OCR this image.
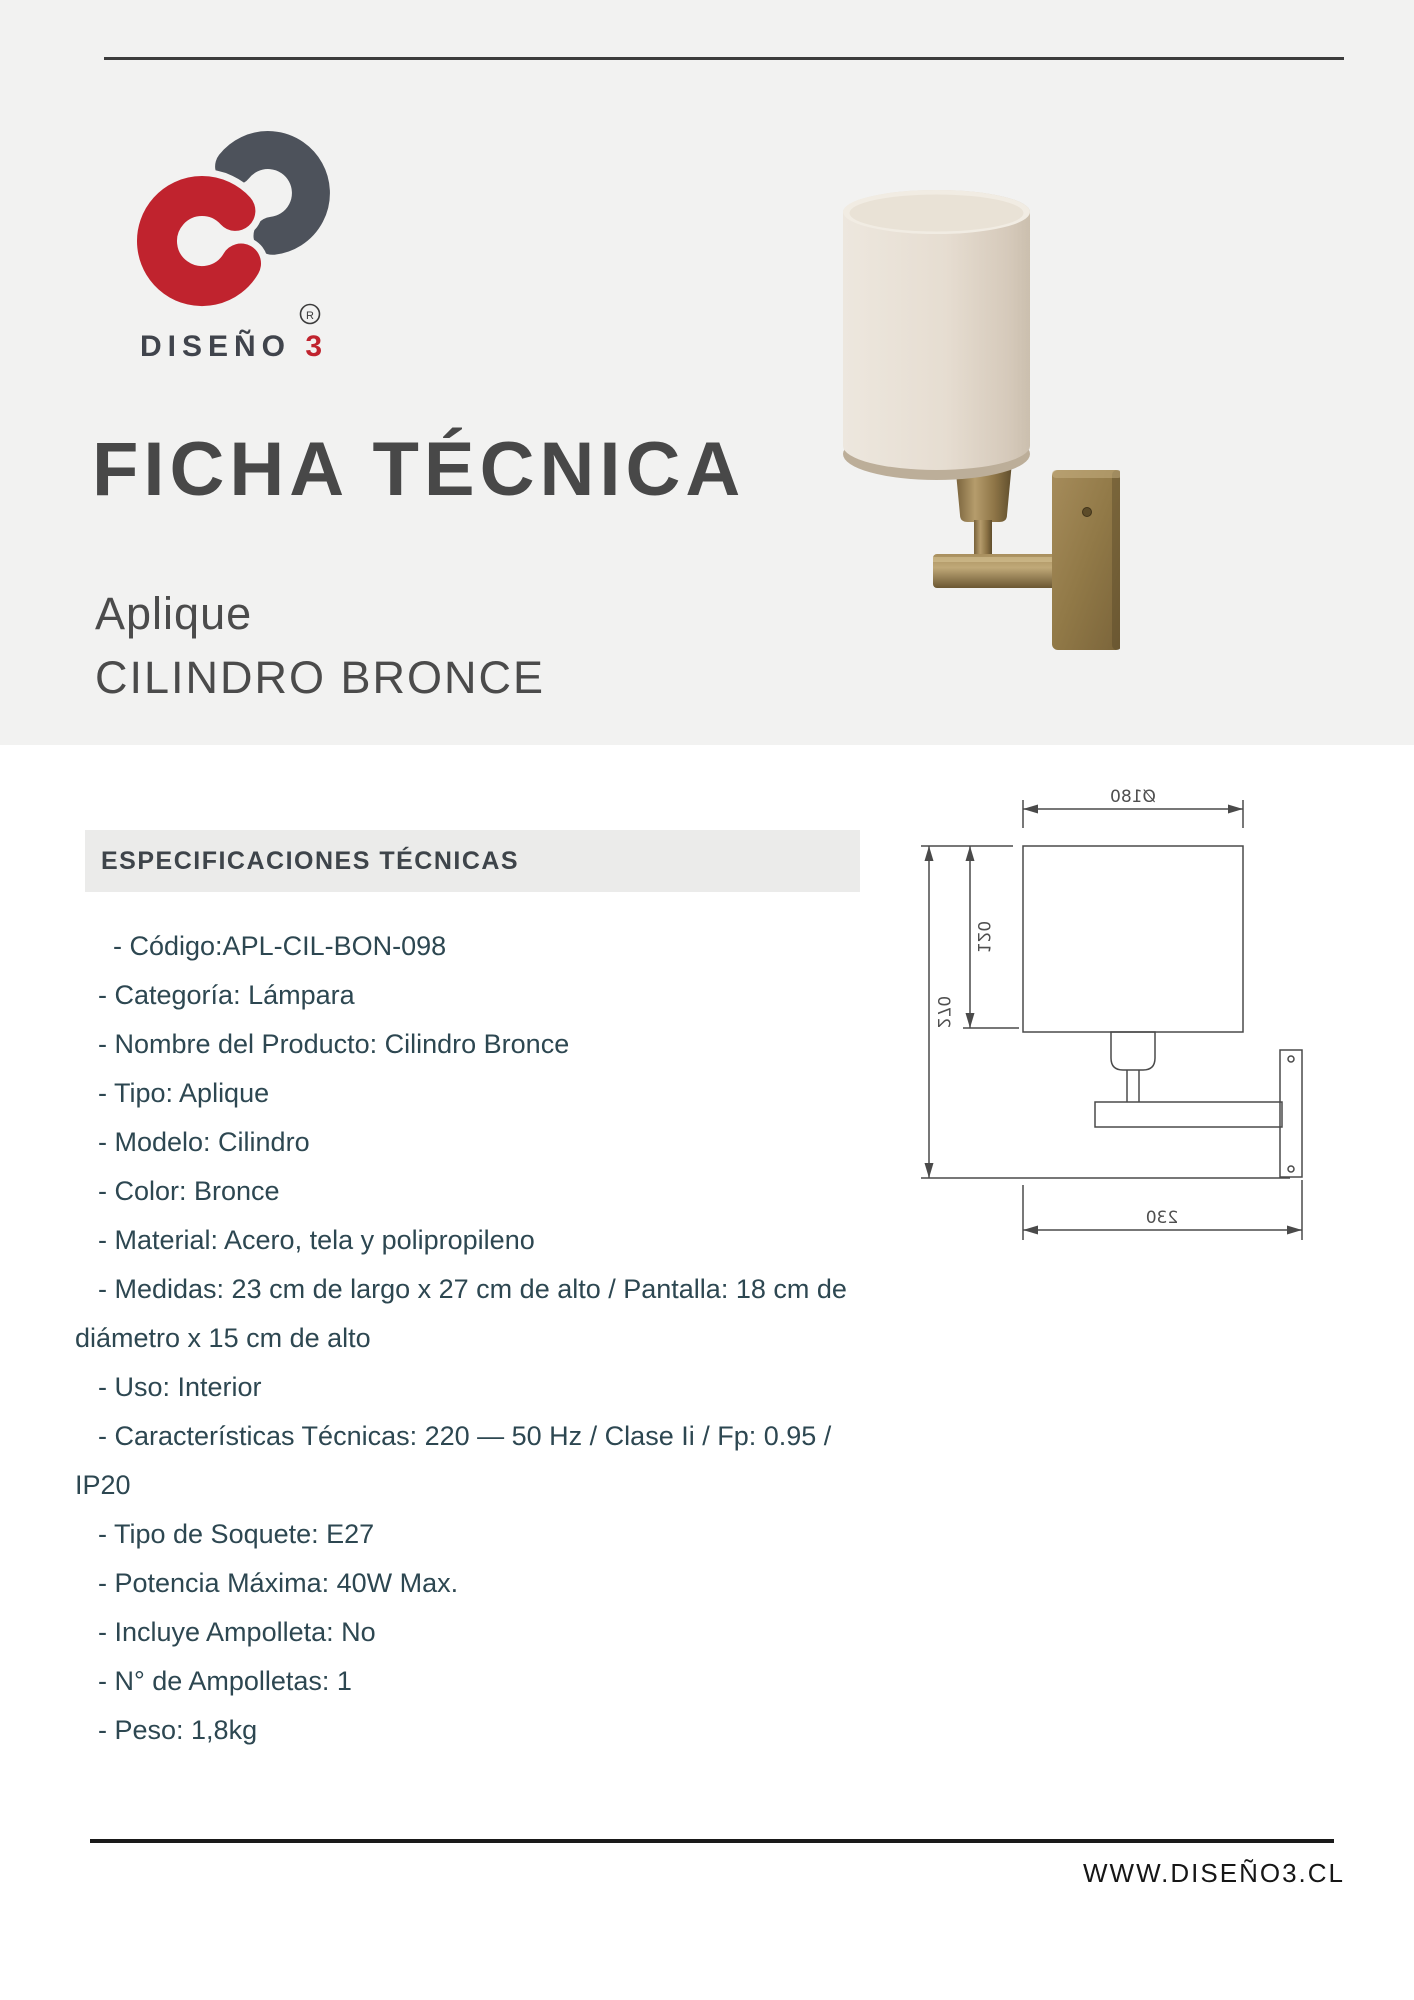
R
DISEÑO 3
FICHA TÉCNICA
Aplique
CILINDRO BRONCE
ESPECIFICACIONES TÉCNICAS
- Código:APL-CIL-BON-098
- Categoría: Lámpara
- Nombre del Producto: Cilindro Bronce
- Tipo: Aplique
- Modelo: Cilindro
- Color: Bronce
- Material: Acero, tela y polipropileno
- Medidas: 23 cm de largo x 27 cm de alto / Pantalla: 18 cm de
diámetro x 15 cm de alto
- Uso: Interior
- Características Técnicas: 220 — 50 Hz / Clase Ii / Fp: 0.95 /
IP20
- Tipo de Soquete: E27
- Potencia Máxima: 40W Max.
- Incluye Ampolleta: No
- N° de Ampolletas: 1
- Peso: 1,8kg
Ø180
120
270
230
WWW.DISEÑO3.CL
